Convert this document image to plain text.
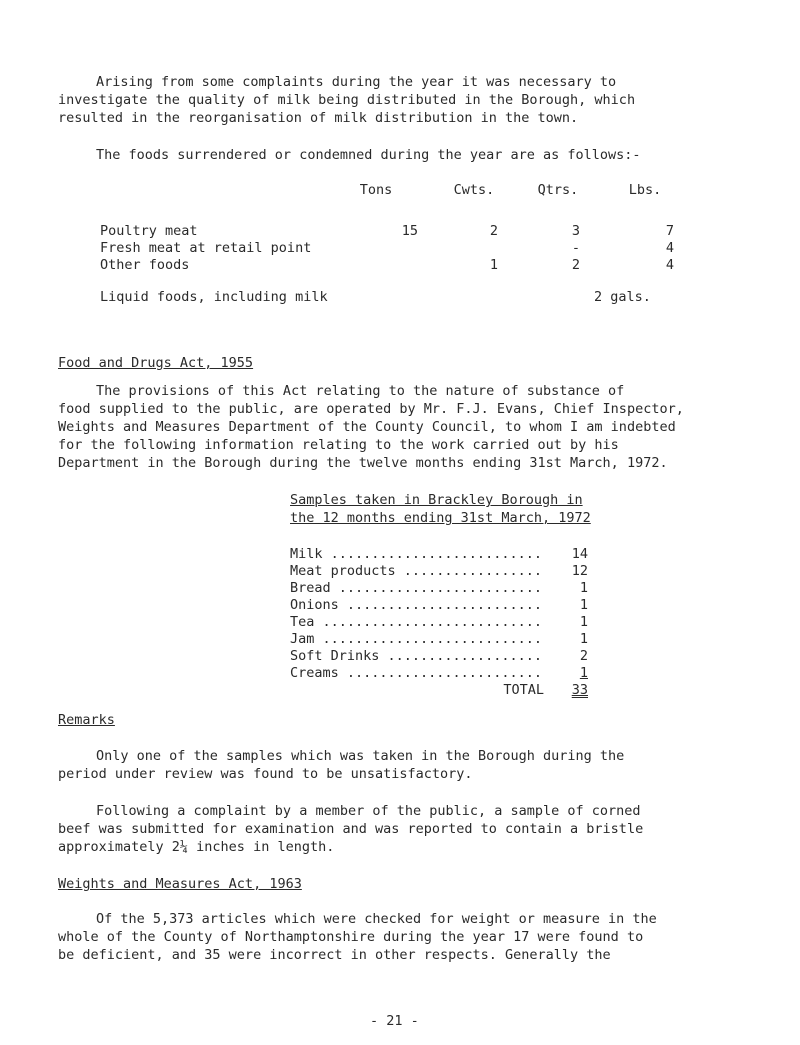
Arising from some complaints during the year it was necessary to
investigate the quality of milk being distributed in the Borough, which
resulted in the reorganisation of milk distribution in the town.
The foods surrendered or condemned during the year are as follows:-
	Tons	Cwts.	Qtrs.	Lbs.

Poultry meat	15	2	3	7
Fresh meat at retail point			-	4
Other foods		1	2	4
Liquid foods, including milk	2 gals.
Food and Drugs Act, 1955
The provisions of this Act relating to the nature of substance of
food supplied to the public, are operated by Mr. F.J. Evans, Chief Inspector,
Weights and Measures Department of the County Council, to whom I am indebted
for the following information relating to the work carried out by his
Department in the Borough during the twelve months ending 31st March, 1972.
Samples taken in Brackley Borough in
the 12 months ending 31st March, 1972
Milk ..........................	14
Meat products .................	12
Bread .........................	1
Onions ........................	1
Tea ...........................	1
Jam ...........................	1
Soft Drinks ...................	2
Creams ........................	1
TOTAL	33
Remarks
Only one of the samples which was taken in the Borough during the
period under review was found to be unsatisfactory.
Following a complaint by a member of the public, a sample of corned
beef was submitted for examination and was reported to contain a bristle
approximately 2¼ inches in length.
Weights and Measures Act, 1963
Of the 5,373 articles which were checked for weight or measure in the
whole of the County of Northamptonshire during the year 17 were found to
be deficient, and 35 were incorrect in other respects. Generally the
- 21 -
